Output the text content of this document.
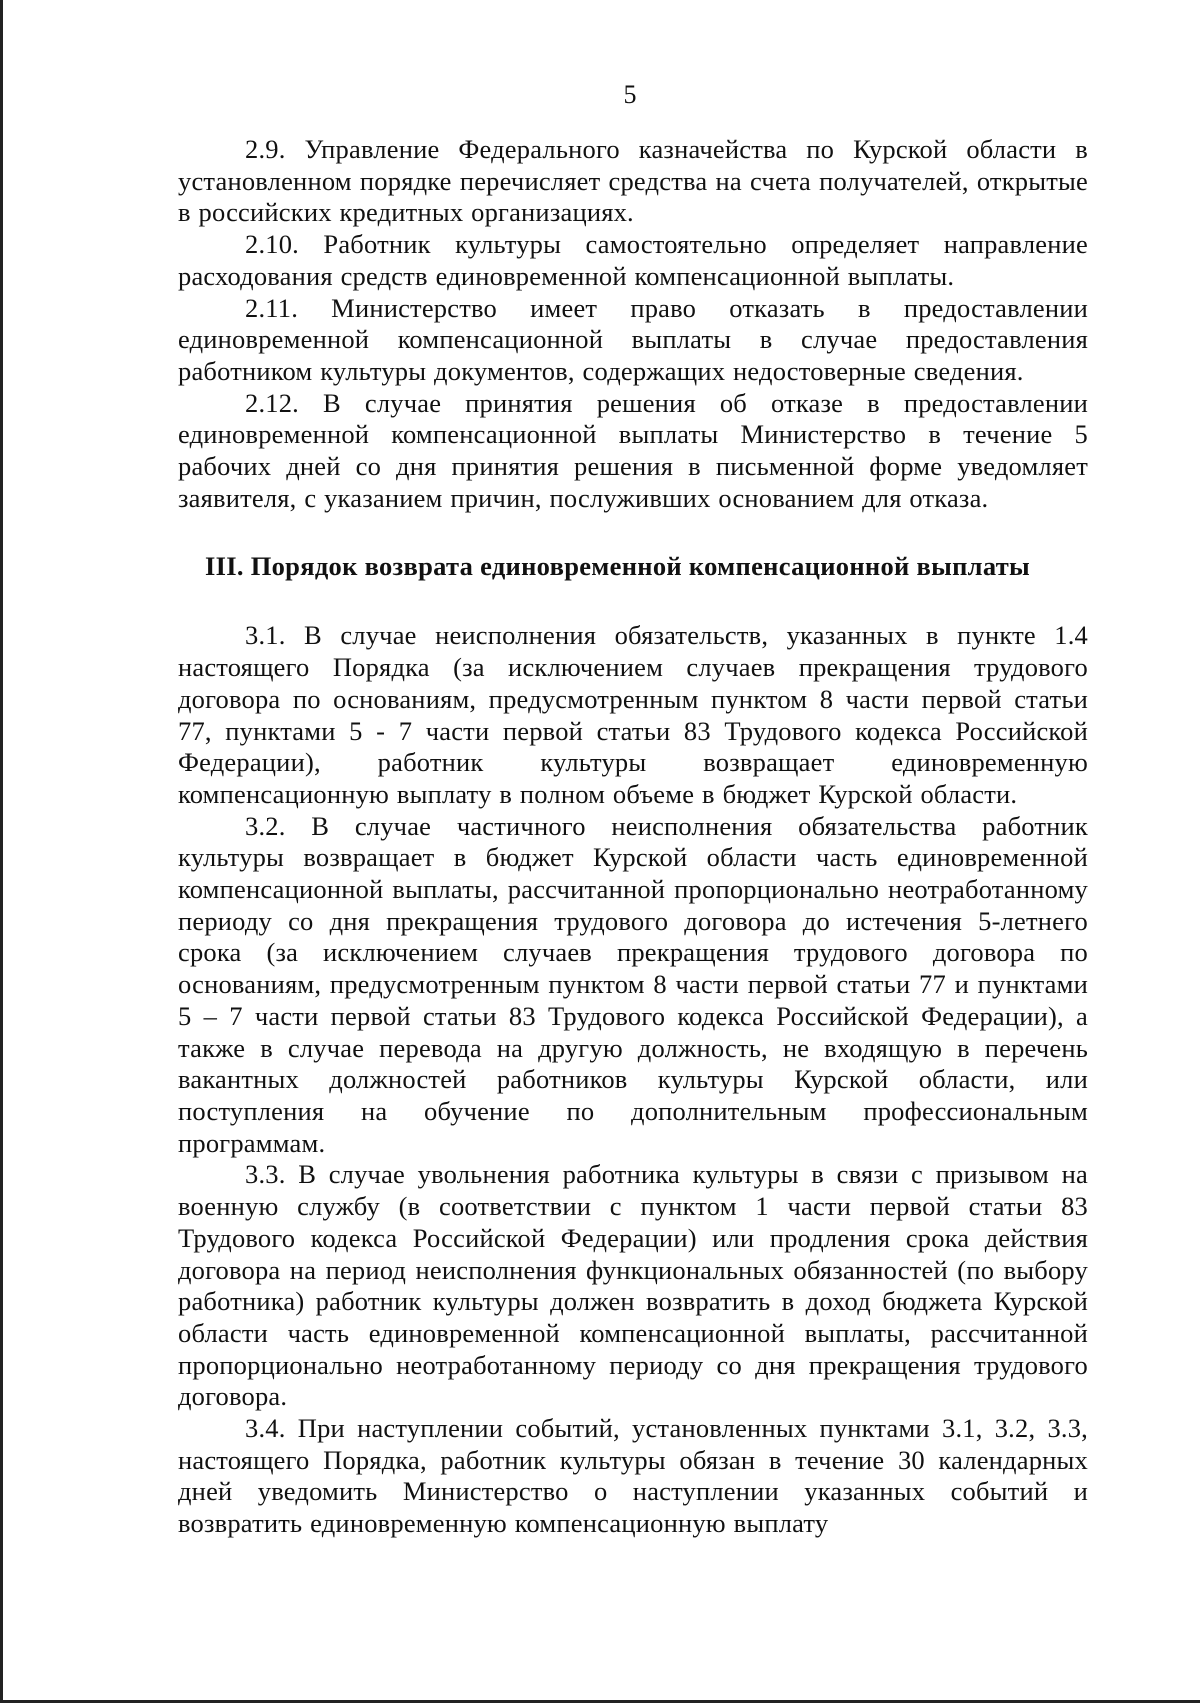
5

2.9. Управление Федерального казначейства по Курской области в установленном порядке перечисляет средства на счета получателей, открытые в российских кредитных организациях.

2.10. Работник культуры самостоятельно определяет направление расходования средств единовременной компенсационной выплаты.

2.11. Министерство имеет право отказать в предоставлении единовременной компенсационной выплаты в случае предоставления работником культуры документов, содержащих недостоверные сведения.

2.12. В случае принятия решения об отказе в предоставлении единовременной компенсационной выплаты Министерство в течение 5 рабочих дней со дня принятия решения в письменной форме уведомляет заявителя, с указанием причин, послуживших основанием для отказа.

III. Порядок возврата единовременной компенсационной выплаты

3.1. В случае неисполнения обязательств, указанных в пункте 1.4 настоящего Порядка (за исключением случаев прекращения трудового договора по основаниям, предусмотренным пунктом 8 части первой статьи 77, пунктами 5 - 7 части первой статьи 83 Трудового кодекса Российской Федерации), работник культуры возвращает единовременную компенсационную выплату в полном объеме в бюджет Курской области.

3.2. В случае частичного неисполнения обязательства работник культуры возвращает в бюджет Курской области часть единовременной компенсационной выплаты, рассчитанной пропорционально неотработанному периоду со дня прекращения трудового договора до истечения 5-летнего срока (за исключением случаев прекращения трудового договора по основаниям, предусмотренным пунктом 8 части первой статьи 77 и пунктами 5 – 7 части первой статьи 83 Трудового кодекса Российской Федерации), а также в случае перевода на другую должность, не входящую в перечень вакантных должностей работников культуры Курской области, или поступления на обучение по дополнительным профессиональным программам.

3.3. В случае увольнения работника культуры в связи с призывом на военную службу (в соответствии с пунктом 1 части первой статьи 83 Трудового кодекса Российской Федерации) или продления срока действия договора на период неисполнения функциональных обязанностей (по выбору работника) работник культуры должен возвратить в доход бюджета Курской области часть единовременной компенсационной выплаты, рассчитанной пропорционально неотработанному периоду со дня прекращения трудового договора.

3.4. При наступлении событий, установленных пунктами 3.1, 3.2, 3.3, настоящего Порядка, работник культуры обязан в течение 30 календарных дней уведомить Министерство о наступлении указанных событий и возвратить единовременную компенсационную выплату
